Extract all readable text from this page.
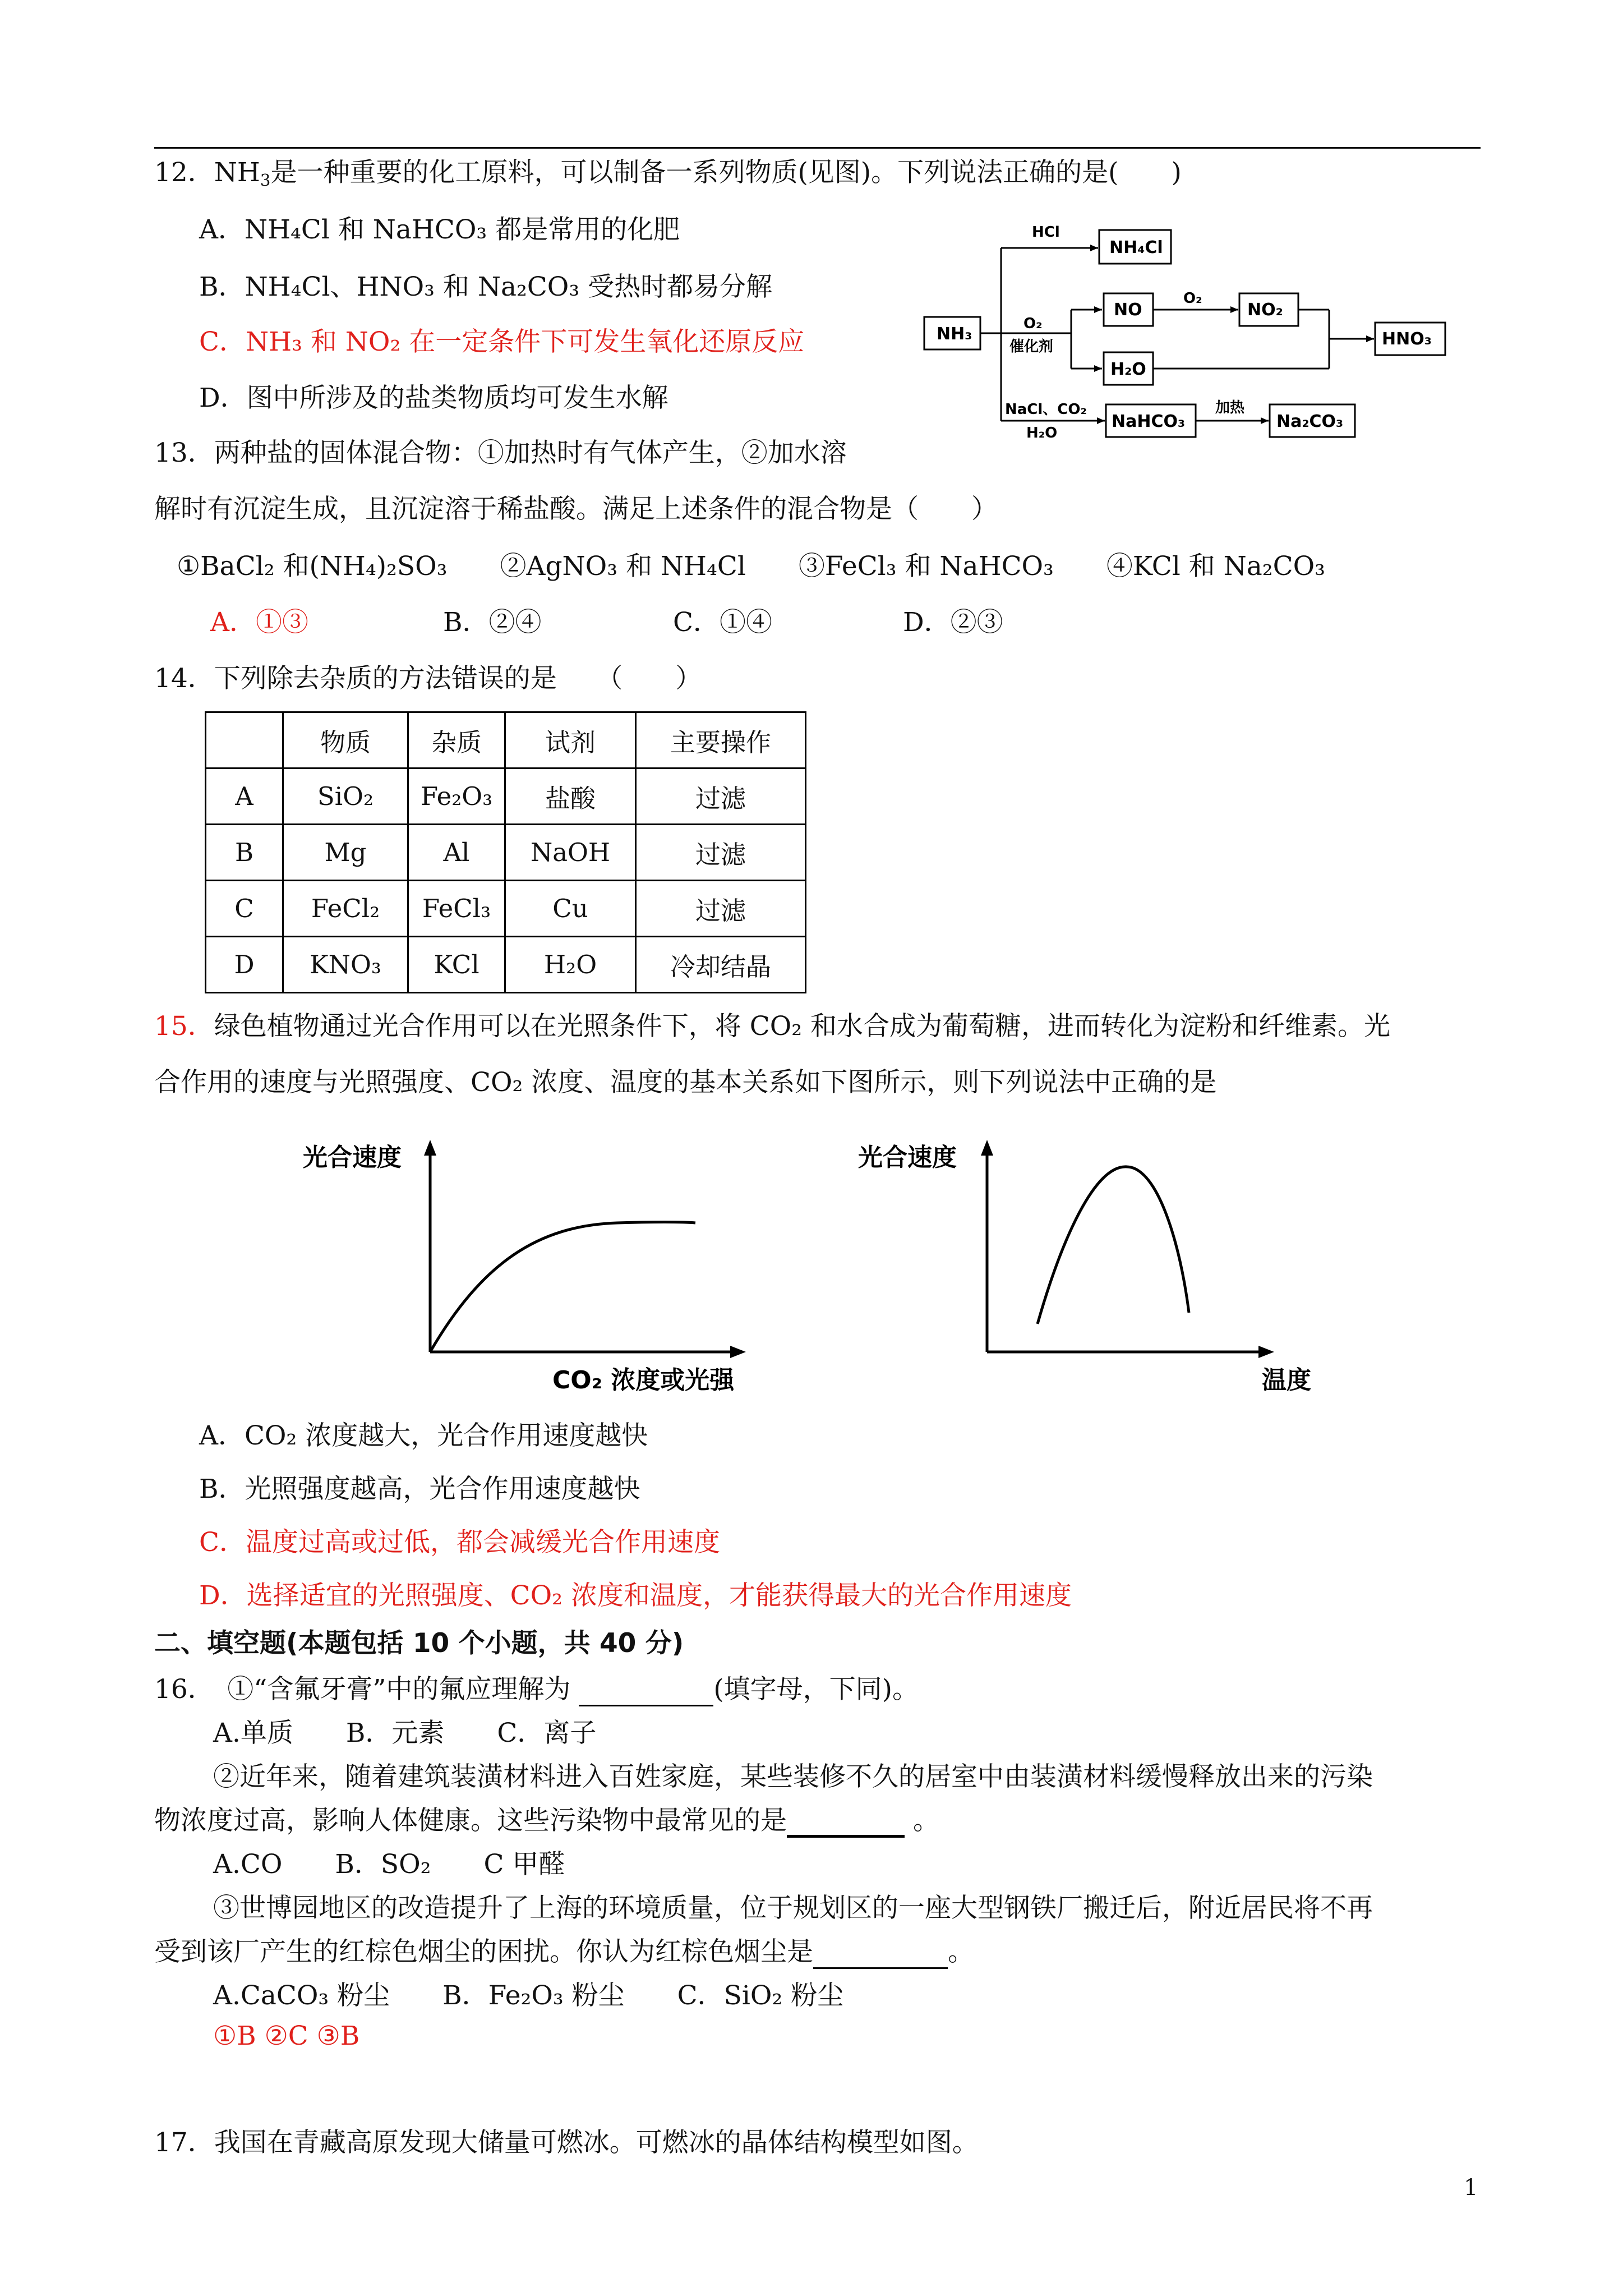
12．$NH_3$是一种重要的化工原料，可以制备一系列物质(见图)。下列说法正确的是(　　)
A．NH₄Cl 和 NaHCO₃ 都是常用的化肥
B．NH₄Cl、HNO₃ 和 Na₂CO₃ 受热时都易分解
C．NH₃ 和 NO₂ 在一定条件下可发生氧化还原反应
D．图中所涉及的盐类物质均可发生水解
NH₃
NH₄Cl
NO	NO₂
HNO₃
H₂O
NaHCO₃	Na₂CO₃
HCl
O₂
O₂
催化剂
NaCl、CO₂
H₂O
加热
13．两种盐的固体混合物：①加热时有气体产生，②加水溶
解时有沉淀生成，且沉淀溶于稀盐酸。满足上述条件的混合物是（　　）
①BaCl₂ 和(NH₄)₂SO₃　　②AgNO₃ 和 NH₄Cl　　③FeCl₃ 和 NaHCO₃　　④KCl 和 Na₂CO₃
A．①③	B．②④	C．①④	D．②③
14．下列除去杂质的方法错误的是　　（　　）
	物质	杂质	试剂	主要操作
A	SiO₂	Fe₂O₃	盐酸	过滤
B	Mg	Al	NaOH	过滤
C	FeCl₂	FeCl₃	Cu	过滤
D	KNO₃	KCl	H₂O	冷却结晶
15．绿色植物通过光合作用可以在光照条件下，将 CO₂ 和水合成为葡萄糖，进而转化为淀粉和纤维素。光
合作用的速度与光照强度、CO₂ 浓度、温度的基本关系如下图所示，则下列说法中正确的是
光合速度
CO₂ 浓度或光强
光合速度
温度
A．CO₂ 浓度越大，光合作用速度越快
B．光照强度越高，光合作用速度越快
C．温度过高或过低，都会减缓光合作用速度
D．选择适宜的光照强度、CO₂ 浓度和温度，才能获得最大的光合作用速度
二、填空题(本题包括 10 个小题，共 40 分)
16．　①“含氟牙膏”中的氟应理解为	(填字母，下同)。
A.单质　　B．元素　　C．离子
②近年来，随着建筑装潢材料进入百姓家庭，某些装修不久的居室中由装潢材料缓慢释放出来的污染
物浓度过高，影响人体健康。这些污染物中最常见的是	。
A.CO　　B．SO₂　　C 甲醛
③世博园地区的改造提升了上海的环境质量，位于规划区的一座大型钢铁厂搬迁后，附近居民将不再
受到该厂产生的红棕色烟尘的困扰。你认为红棕色烟尘是	。
A.CaCO₃ 粉尘　　B．Fe₂O₃ 粉尘　　C．SiO₂ 粉尘
①B ②C ③B
17．我国在青藏高原发现大储量可燃冰。可燃冰的晶体结构模型如图。
1
